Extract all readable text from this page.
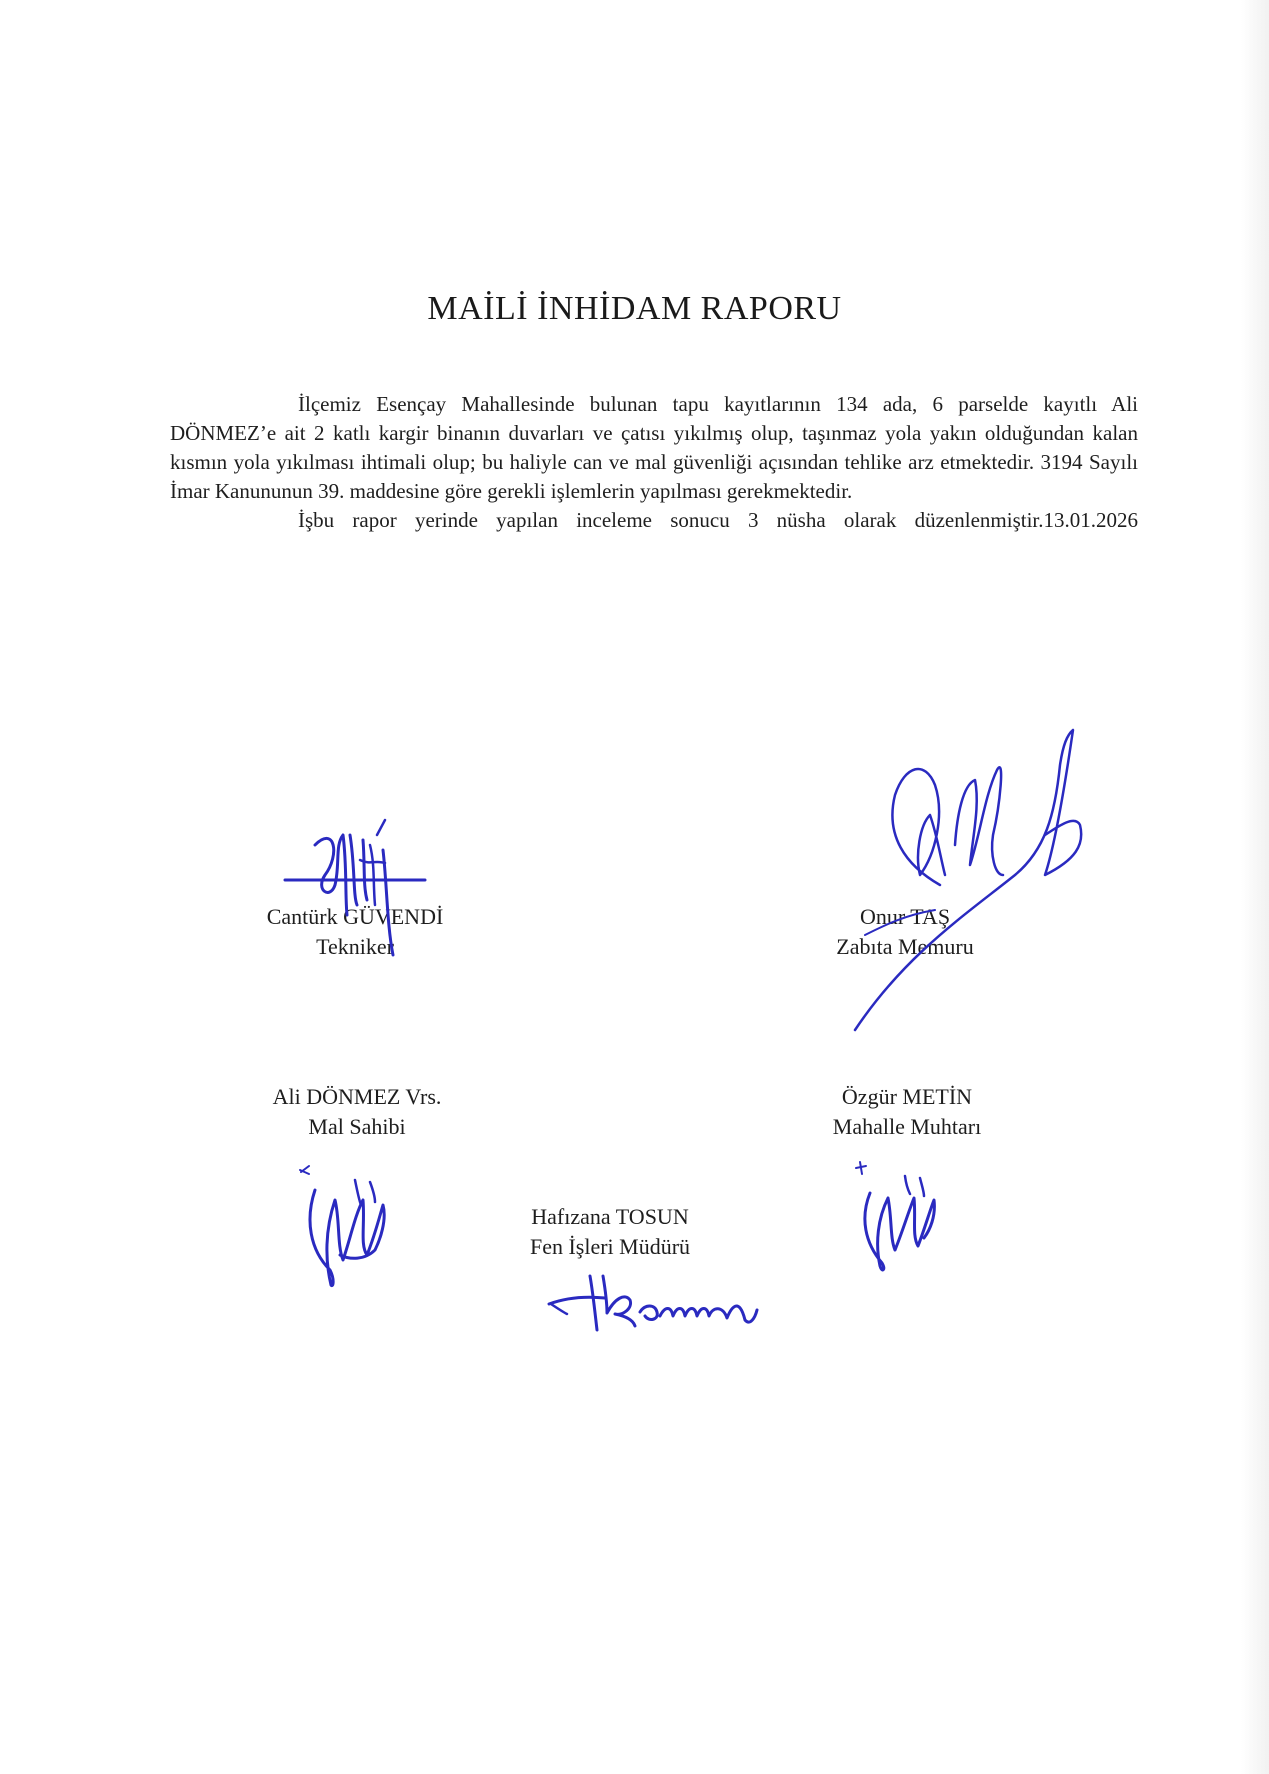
MAİLİ İNHİDAM RAPORU

İlçemiz Esençay Mahallesinde bulunan tapu kayıtlarının 134 ada, 6 parselde kayıtlı Ali DÖNMEZ’e ait 2 katlı kargir binanın duvarları ve çatısı yıkılmış olup, taşınmaz yola yakın olduğundan kalan kısmın yola yıkılması ihtimali olup; bu haliyle can ve mal güvenliği açısından tehlike arz etmektedir. 3194 Sayılı İmar Kanununun 39. maddesine göre gerekli işlemlerin yapılması gerekmektedir.

İşbu rapor yerinde yapılan inceleme sonucu 3 nüsha olarak düzenlenmiştir.13.01.2026

Cantürk GÜVENDİ
Tekniker
Onur TAŞ
Zabıta Memuru
Ali DÖNMEZ Vrs.
Mal Sahibi
Özgür METİN
Mahalle Muhtarı
Hafızana TOSUN
Fen İşleri Müdürü
